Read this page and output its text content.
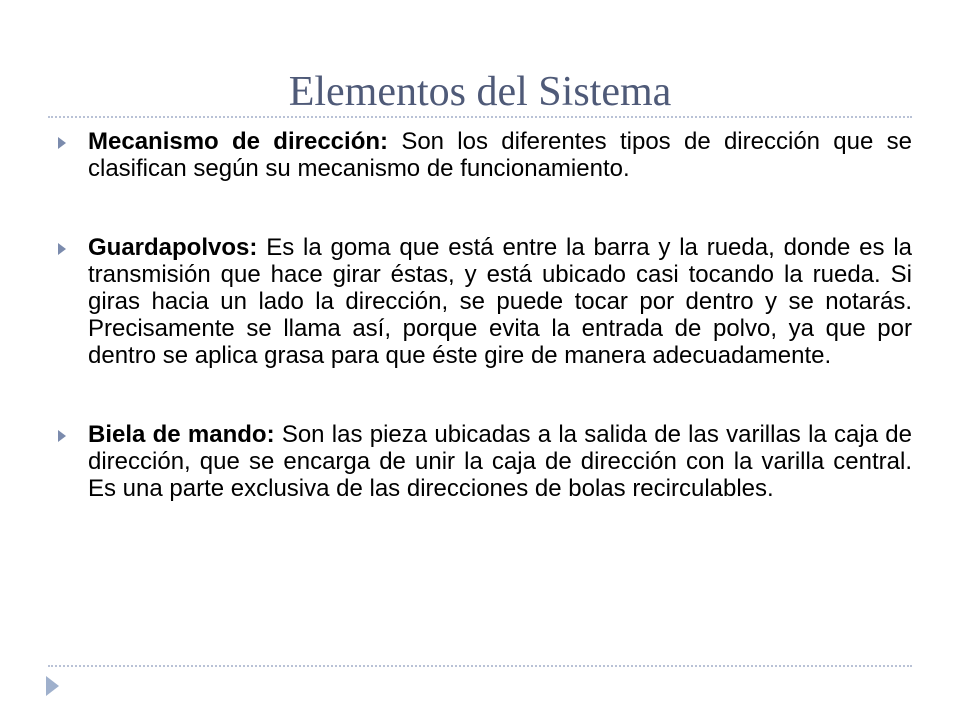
Elementos del Sistema
Mecanismo de dirección: Son los diferentes tipos de dirección que se clasifican según su mecanismo de funcionamiento.
Guardapolvos: Es la goma que está entre la barra y la rueda, donde es la transmisión que hace girar éstas, y está ubicado casi tocando la rueda. Si giras hacia un lado la dirección, se puede tocar por dentro y se notarás. Precisamente se llama así, porque evita la entrada de polvo, ya que por dentro se aplica grasa para que éste gire de manera adecuadamente.
Biela de mando: Son las pieza ubicadas a la salida de las varillas la caja de dirección, que se encarga de unir la caja de dirección con la varilla central. Es una parte exclusiva de las direcciones de bolas recirculables.
